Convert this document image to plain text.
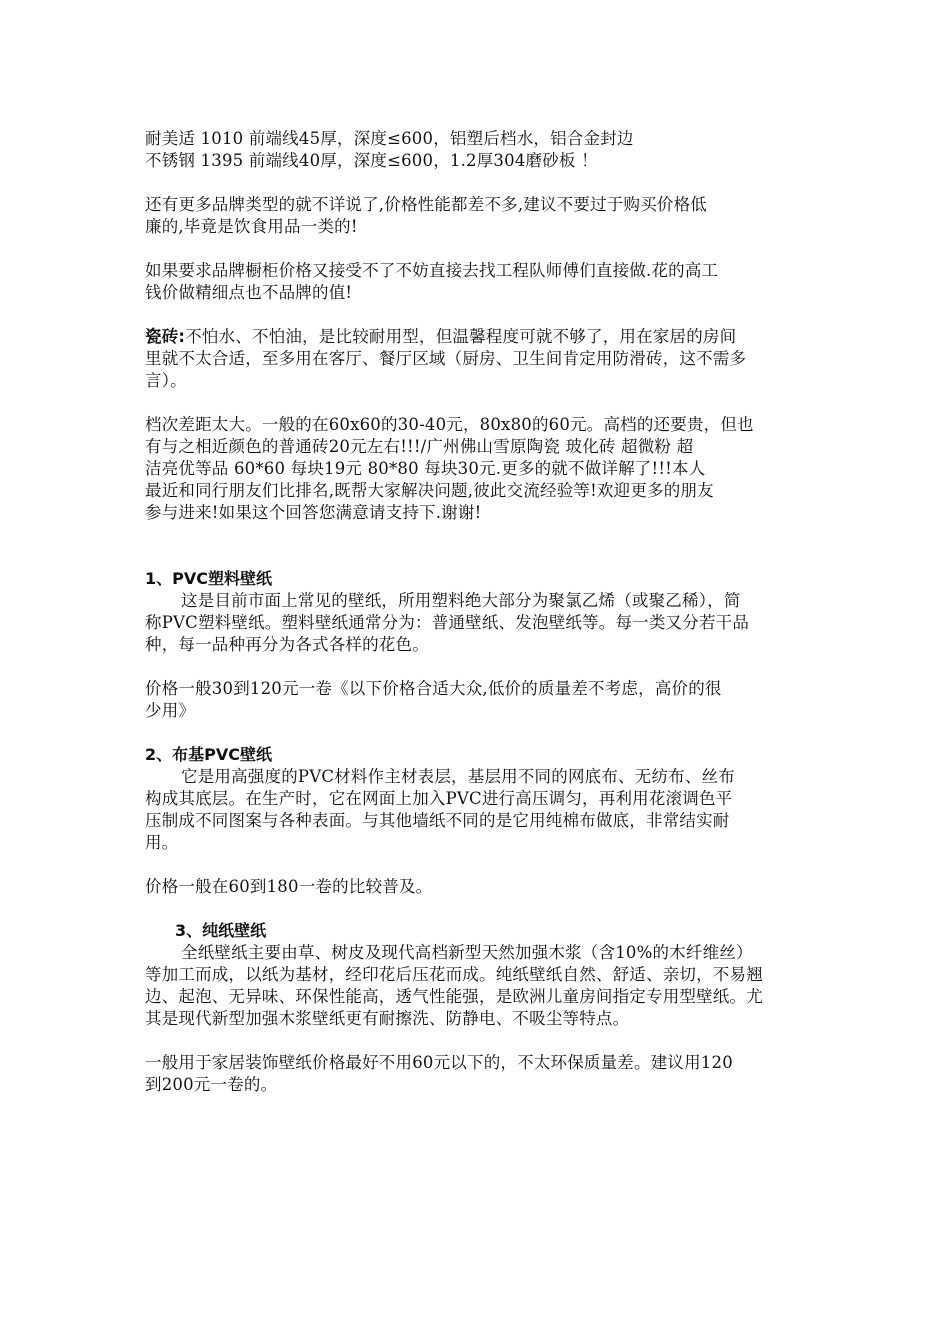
耐美适 1010 前端线45厚，深度≤600，铝塑后档水，铝合金封边
不锈钢 1395 前端线40厚，深度≤600，1.2厚304磨砂板 ！
还有更多品牌类型的就不详说了,价格性能都差不多,建议不要过于购买价格低
廉的,毕竟是饮食用品一类的!
如果要求品牌橱柜价格又接受不了不妨直接去找工程队师傅们直接做.花的高工
钱价做精细点也不品牌的值!
瓷砖:不怕水、不怕油，是比较耐用型，但温馨程度可就不够了，用在家居的房间
里就不太合适，至多用在客厅、餐厅区域（厨房、卫生间肯定用防滑砖，这不需多
言）。
档次差距太大。一般的在60x60的30-40元，80x80的60元。高档的还要贵，但也
有与之相近颜色的普通砖20元左右!!!/广州佛山雪原陶瓷 玻化砖 超微粉 超
洁亮优等品 60*60 每块19元 80*80 每块30元.更多的就不做详解了!!!本人
最近和同行朋友们比排名,既帮大家解决问题,彼此交流经验等!欢迎更多的朋友
参与进来!如果这个回答您满意请支持下.谢谢!
1、PVC塑料壁纸
这是目前市面上常见的壁纸，所用塑料绝大部分为聚氯乙烯（或聚乙稀），简
称PVC塑料壁纸。塑料壁纸通常分为：普通壁纸、发泡壁纸等。每一类又分若干品
种，每一品种再分为各式各样的花色。
价格一般30到120元一卷《以下价格合适大众,低价的质量差不考虑，高价的很
少用》
2、布基PVC壁纸
它是用高强度的PVC材料作主材表层，基层用不同的网底布、无纺布、丝布
构成其底层。在生产时，它在网面上加入PVC进行高压调匀，再利用花滚调色平
压制成不同图案与各种表面。与其他墙纸不同的是它用纯棉布做底，非常结实耐
用。
价格一般在60到180一卷的比较普及。
3、纯纸壁纸
全纸壁纸主要由草、树皮及现代高档新型天然加强木浆（含10%的木纤维丝）
等加工而成，以纸为基材，经印花后压花而成。纯纸壁纸自然、舒适、亲切，不易翘
边、起泡、无异味、环保性能高，透气性能强，是欧洲儿童房间指定专用型壁纸。尤
其是现代新型加强木浆壁纸更有耐擦洗、防静电、不吸尘等特点。
一般用于家居装饰壁纸价格最好不用60元以下的，不太环保质量差。建议用120
到200元一卷的。
